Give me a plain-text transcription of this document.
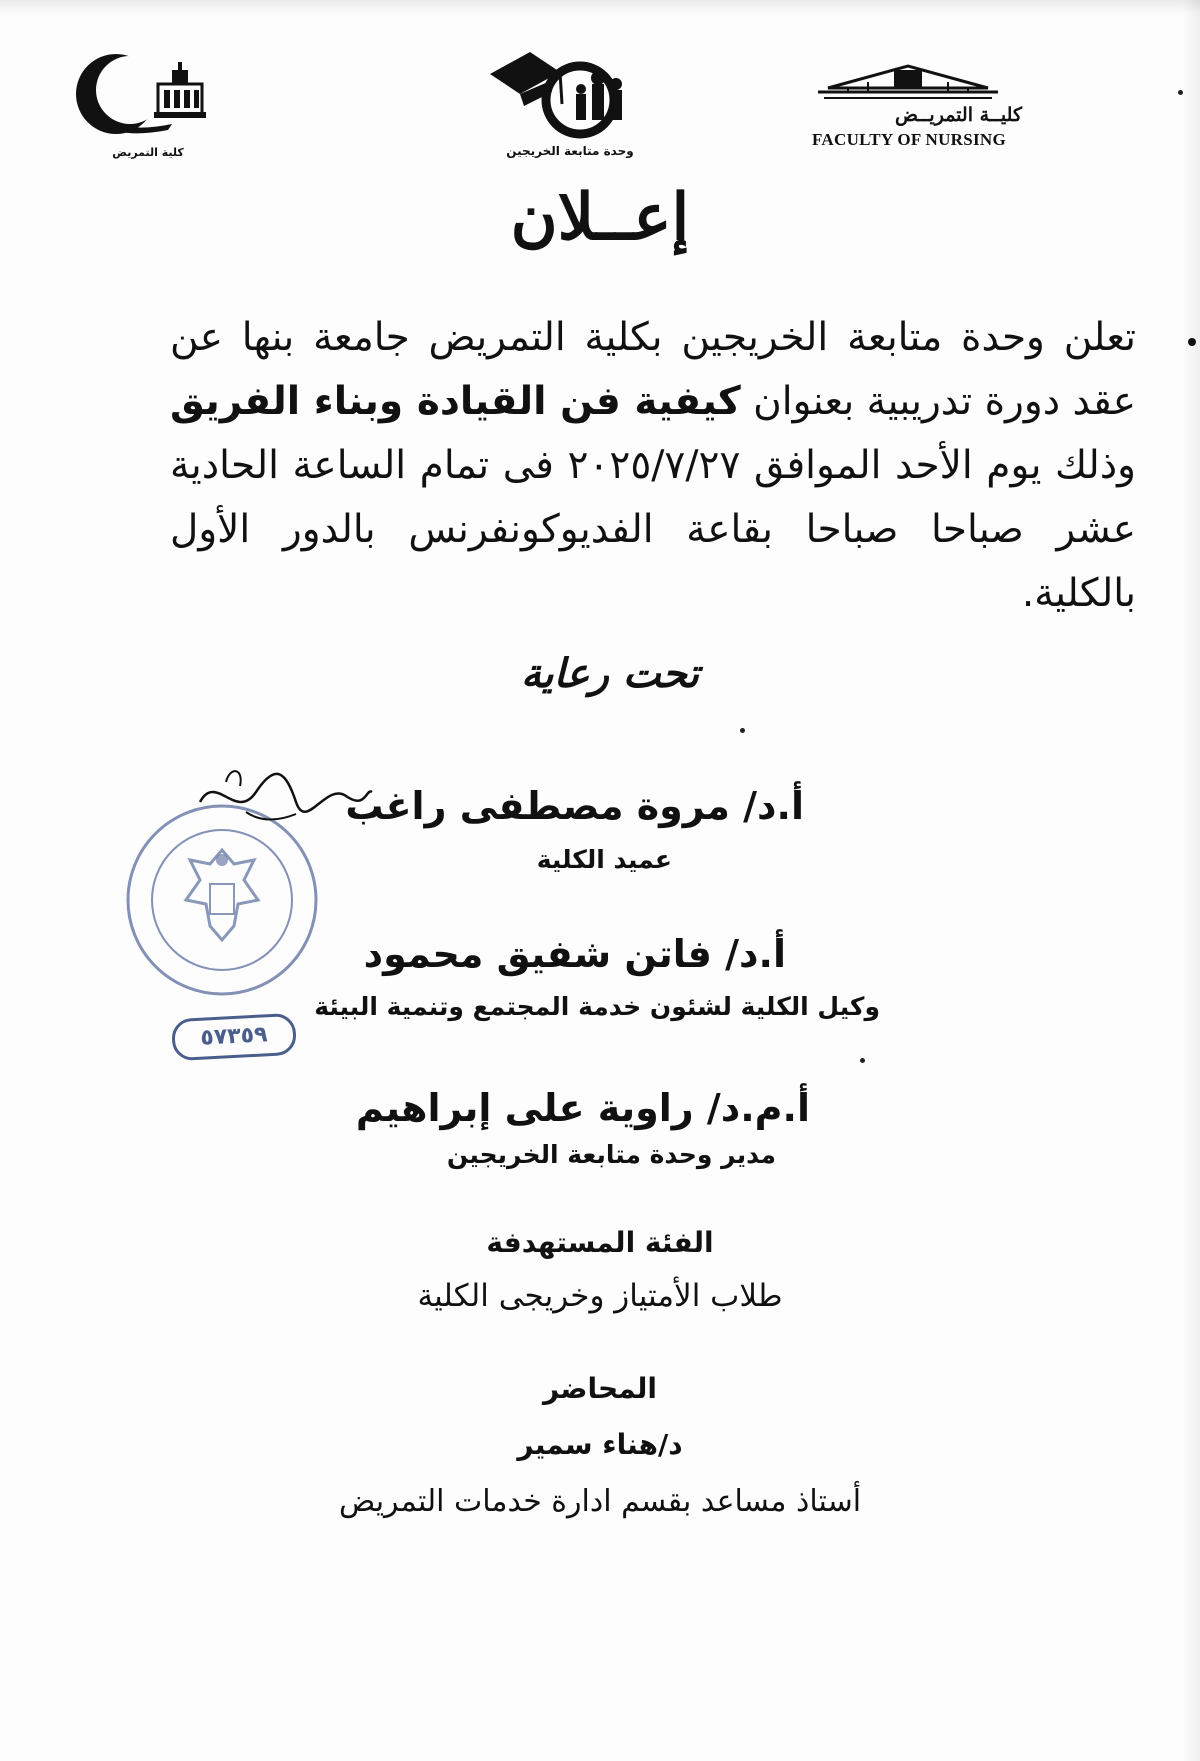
كلية التمريض	وحدة متابعة الخريجين
كليــة التمريــض
FACULTY OF NURSING
إعــلان
تعلن وحدة متابعة الخريجين بكلية التمريض جامعة بنها عن عقد دورة تدريبية بعنوان كيفية فن القيادة وبناء الفريق وذلك يوم الأحد الموافق ٢٠٢٥/٧/٢٧ فى تمام الساعة الحادية عشر صباحا صباحا بقاعة الفديوكونفرنس بالدور الأول بالكلية.
تحت رعاية
٥٧٣٥٩
أ.د/ مروة مصطفى راغب
عميد الكلية
أ.د/ فاتن شفيق محمود
وكيل الكلية لشئون خدمة المجتمع وتنمية البيئة
أ.م.د/ راوية على إبراهيم
مدير وحدة متابعة الخريجين
الفئة المستهدفة
طلاب الأمتياز وخريجى الكلية
المحاضر
د/هناء سمير
أستاذ مساعد بقسم ادارة خدمات التمريض
